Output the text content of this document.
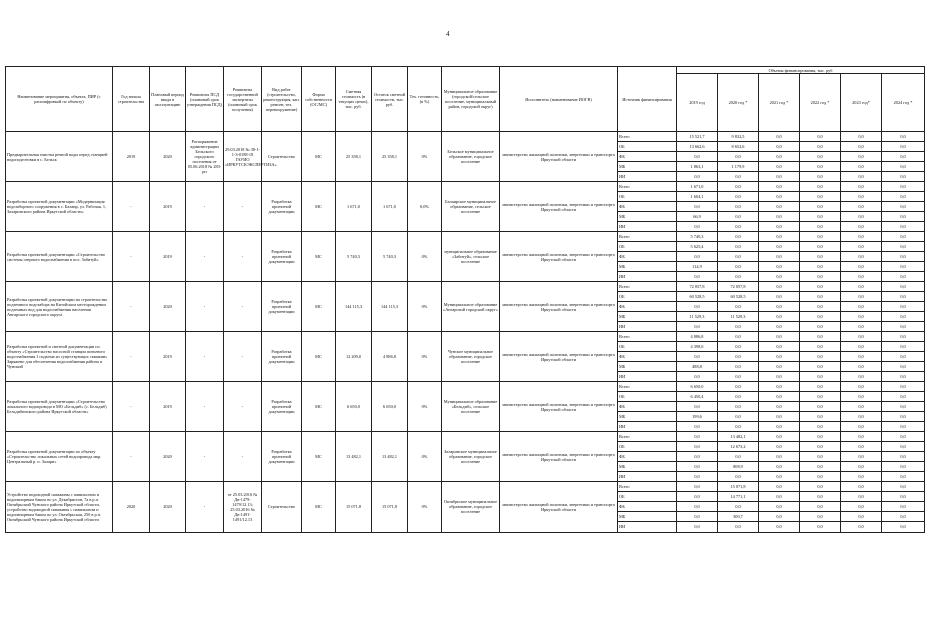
4
Наименование мероприятия, объекта, ПИР (с расшифровкой по объекту)	Год начала строительства	Плановый период ввода в эксплуатацию	Реквизиты ПСД (плановый срок утверждения ПСД)	Реквизиты государственной экспертизы (плановый срок получения)	Вид работ (строительство, реконструкция, кап. ремонт, тех. перевооружение)	Форма собственности (ОС/МС)	Сметная стоимость (в текущих ценах), тыс. руб.	Остаток сметной стоимости, тыс. руб.	Тех. готовность, (в %)	Муниципальное образование (городской/сельское поселение, муниципальный район, городской округ)	Исполнитель (наименование ИОГВ)	Источник финансирования	Объемы финансирования, тыс. руб					
													2019 год	2020 год *	2021 год *	2022 год *	2023 год*	2024 год *
Предварительная очистка речной воды перед станцией водоподготовки в с. Бельск	2019	2020	Распоряжение администрации Бельского городского поселения от 05.06.2018 № 283-рп	29.03.2018 № 38-1-1-3-0188-18 ГАУИО «ИРКУТСКЭКСПЕРТИЗА»	Строительство	МС	25 358,1	25 358,1	0%	Бельское муниципальное образование, городское поселение	министерство жилищной политики, энергетики и транспорта Иркутской области	Всего	15 521,7	9 832,5	0,0	0,0	0,0	0,0
												ОБ	13 662,6	8 652,6	0,0	0,0	0,0	0,0
												ФБ	0,0	0,0	0,0	0,0	0,0	0,0
												МБ	1 863,1	1 179,9	0,0	0,0	0,0	0,0
												ИИ	0,0	0,0	0,0	0,0	0,0	0,0
Разработка проектной документации «Модернизация водозаборного сооружения в с. Балаир, ул. Рабочая, 1, Заларинского района Иркутской области»	-	2019	-	-	Разработка проектной документации	МС	1 671,0	1 671,0	0,0%	Балаирское муниципальное образование, сельское поселение	министерство жилищной политики, энергетики и транспорта Иркутской области	Всего	1 671,0	0,0	0,0	0,0	0,0	0,0
												ОБ	1 604,1	0,0	0,0	0,0	0,0	0,0
												ФБ	0,0	0,0	0,0	0,0	0,0	0,0
												МБ	66,9	0,0	0,0	0,0	0,0	0,0
												ИИ	0,0	0,0	0,0	0,0	0,0	0,0
Разработка проектной документации «Строительство системы озерного водоснабжения в пос. Забитуй»	-	2019	-	-	Разработка проектной документации	МС	5 740,3	5 740,3	0%	муниципальное образование «Забитуй», сельское поселение	министерство жилищной политики, энергетики и транспорта Иркутской области	Всего	5 740,3	0,0	0,0	0,0	0,0	0,0
												ОБ	5 625,4	0,0	0,0	0,0	0,0	0,0
												ФБ	0,0	0,0	0,0	0,0	0,0	0,0
												МБ	114,9	0,0	0,0	0,0	0,0	0,0
												ИИ	0,0	0,0	0,0	0,0	0,0	0,0
Разработка проектной документации на строительство подземного водозабора на Китойском месторождении подземных вод для водоснабжения населения Ангарского городского округа	-	2020	-	-	Разработка проектной документации	МС	144 115,3	144 115,3	0%	Муниципальное образование «Ангарский городской округ»	министерство жилищной политики, энергетики и транспорта Иркутской области	Всего	72 057,8	72 057,8	0,0	0,0	0,0	0,0
												ОБ	60 528,5	60 528,5	0,0	0,0	0,0	0,0
												ФБ	0,0	0,0	0,0	0,0	0,0	0,0
												МБ	11 529,3	11 529,3	0,0	0,0	0,0	0,0
												ИИ	0,0	0,0	0,0	0,0	0,0	0,0
Разработка проектной и сметной документации по объекту «Строительство насосной станции питьевого водоснабжения 1 подъема из сущеcтвующих скважин» Заряжено для обеспечения водоснабжения района п Чунский	-	2019	-	-	Разработка проектной документации	МС	12 209,0	4 886,8	0%	Чунское муниципальное образование, городское поселение	министерство жилищной политики, энергетики и транспорта Иркутской области	Всего	4 886,8	0,0	0,0	0,0	0,0	0,0
												ОБ	4 398,0	0,0	0,0	0,0	0,0	0,0
												ФБ	0,0	0,0	0,0	0,0	0,0	0,0
												МБ	488,8	0,0	0,0	0,0	0,0	0,0
												ИИ	0,0	0,0	0,0	0,0	0,0	0,0
Разработка проектной документации «Строительство локального водопровода в МО «Бельдиб» (с. Бельдиб) Бельдибинского района Иркутской области»	-	2019	-	-	Разработка проектной документации	МС	6 650,0	6 650,0	0%	Муниципальное образование «Бельдиб», сельское поселение	министерство жилищной политики, энергетики и транспорта Иркутской области	Всего	6 650,0	0,0	0,0	0,0	0,0	0,0
												ОБ	6 450,4	0,0	0,0	0,0	0,0	0,0
												ФБ	0,0	0,0	0,0	0,0	0,0	0,0
												МБ	199,6	0,0	0,0	0,0	0,0	0,0
												ИИ	0,0	0,0	0,0	0,0	0,0	0,0
Разработка проектной документации по объекту «Строительство локальных сетей водопровода мкр. Центральный р. п. Залари»	-	2020	-	-	Разработка проектной документации	МС	13 482,1	13 482,1	0%	Заларинское муниципальное образование, городское поселение	министерство жилищной политики, энергетики и транспорта Иркутской области	Всего	0,0	13 482,1	0,0	0,0	0,0	0,0
												ОБ	0,0	12 673,2	0,0	0,0	0,0	0,0
												ФБ	0,0	0,0	0,0	0,0	0,0	0,0
												МБ	0,0	808,9	0,0	0,0	0,0	0,0
												ИИ	0,0	0,0	0,0	0,0	0,0	0,0
Устройство водоводной скважины с павильоном и водонапорным баком по ул. Декабристов, 7а в р.п. Октябрьский Чунского района Иркутской области, устройство водоводной скважины с павильоном и водонапорным баком по ул. Октябрьская, 25б в р.п. Октябрьский Чунского района Иркутской области	2020	2020	-	от 25.03.2016 № Дв-1479-1479/12.13; 25.03.2016 № Дв-1491-1491/12.13	Строительство	МС	15 071,8	15 071,8	0%	Октябрьское муниципальное образование, городское поселение	министерство жилищной политики, энергетики и транспорта Иркутской области	Всего	0,0	15 071,8	0,0	0,0	0,0	0,0
												ОБ	0,0	14 771,1	0,0	0,0	0,0	0,0
												ФБ	0,0	0,0	0,0	0,0	0,0	0,0
												МБ	0,0	300,7	0,0	0,0	0,0	0,0
												ИИ	0,0	0,0	0,0	0,0	0,0	0,0
